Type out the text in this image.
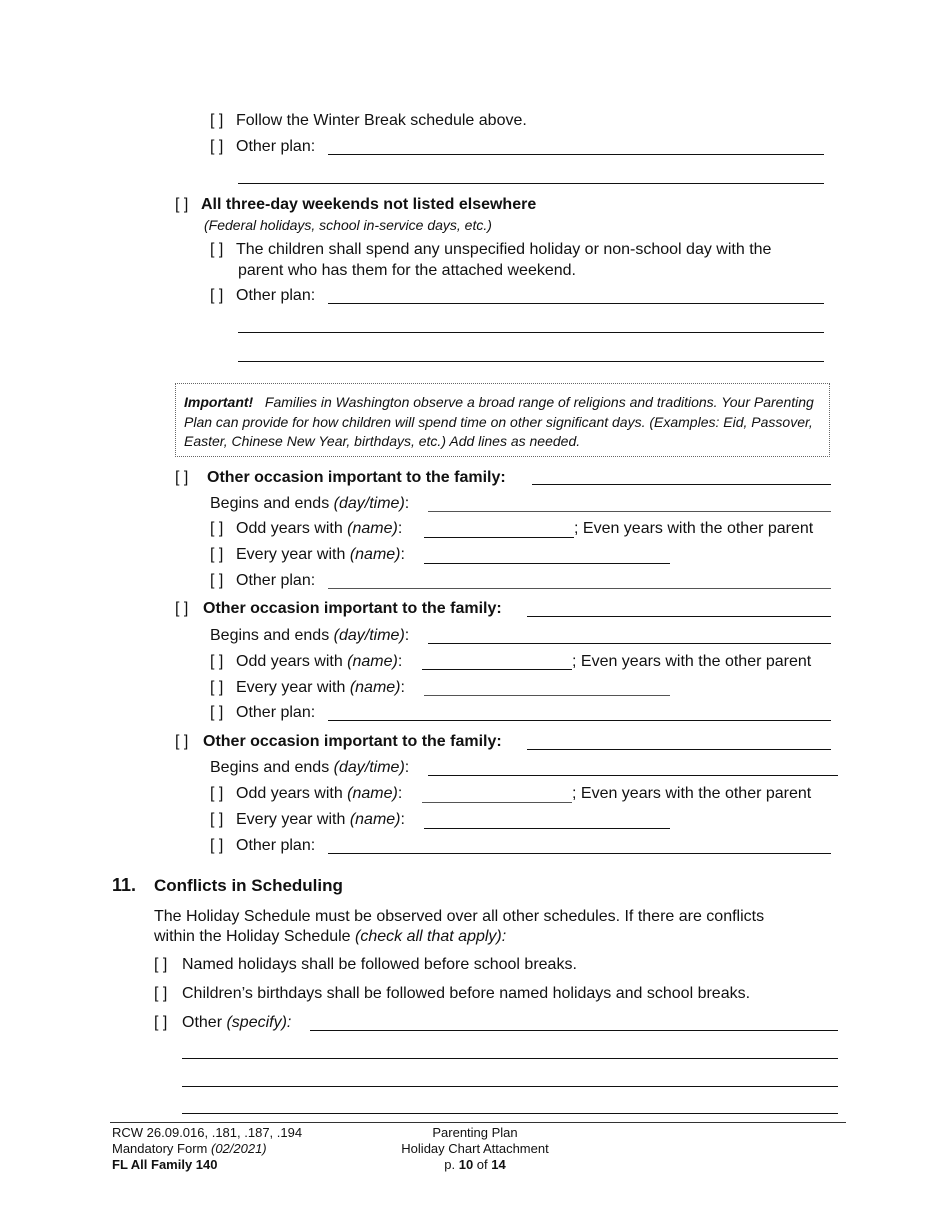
[ ] Follow the Winter Break schedule above.
[ ] Other plan:
[ ] All three-day weekends not listed elsewhere
(Federal holidays, school in-service days, etc.)
[ ] The children shall spend any unspecified holiday or non-school day with the
parent who has them for the attached weekend.
[ ] Other plan:
Important! Families in Washington observe a broad range of religions and traditions. Your Parenting Plan can provide for how children will spend time on other significant days. (Examples: Eid, Passover, Easter, Chinese New Year, birthdays, etc.) Add lines as needed.
[ ] Other occasion important to the family:
Begins and ends (day/time):
[ ] Odd years with (name):	; Even years with the other parent
[ ] Every year with (name):
[ ] Other plan:
[ ] Other occasion important to the family:
Begins and ends (day/time):
[ ] Odd years with (name):	; Even years with the other parent
[ ] Every year with (name):
[ ] Other plan:
[ ] Other occasion important to the family:
Begins and ends (day/time):
[ ] Odd years with (name):	; Even years with the other parent
[ ] Every year with (name):
[ ] Other plan:
11. Conflicts in Scheduling
The Holiday Schedule must be observed over all other schedules. If there are conflicts
within the Holiday Schedule (check all that apply):
[ ] Named holidays shall be followed before school breaks.
[ ] Children’s birthdays shall be followed before named holidays and school breaks.
[ ] Other (specify):
RCW 26.09.016, .181, .187, .194
Mandatory Form (02/2021)
FL All Family 140
Parenting Plan
Holiday Chart Attachment
p. 10 of 14
